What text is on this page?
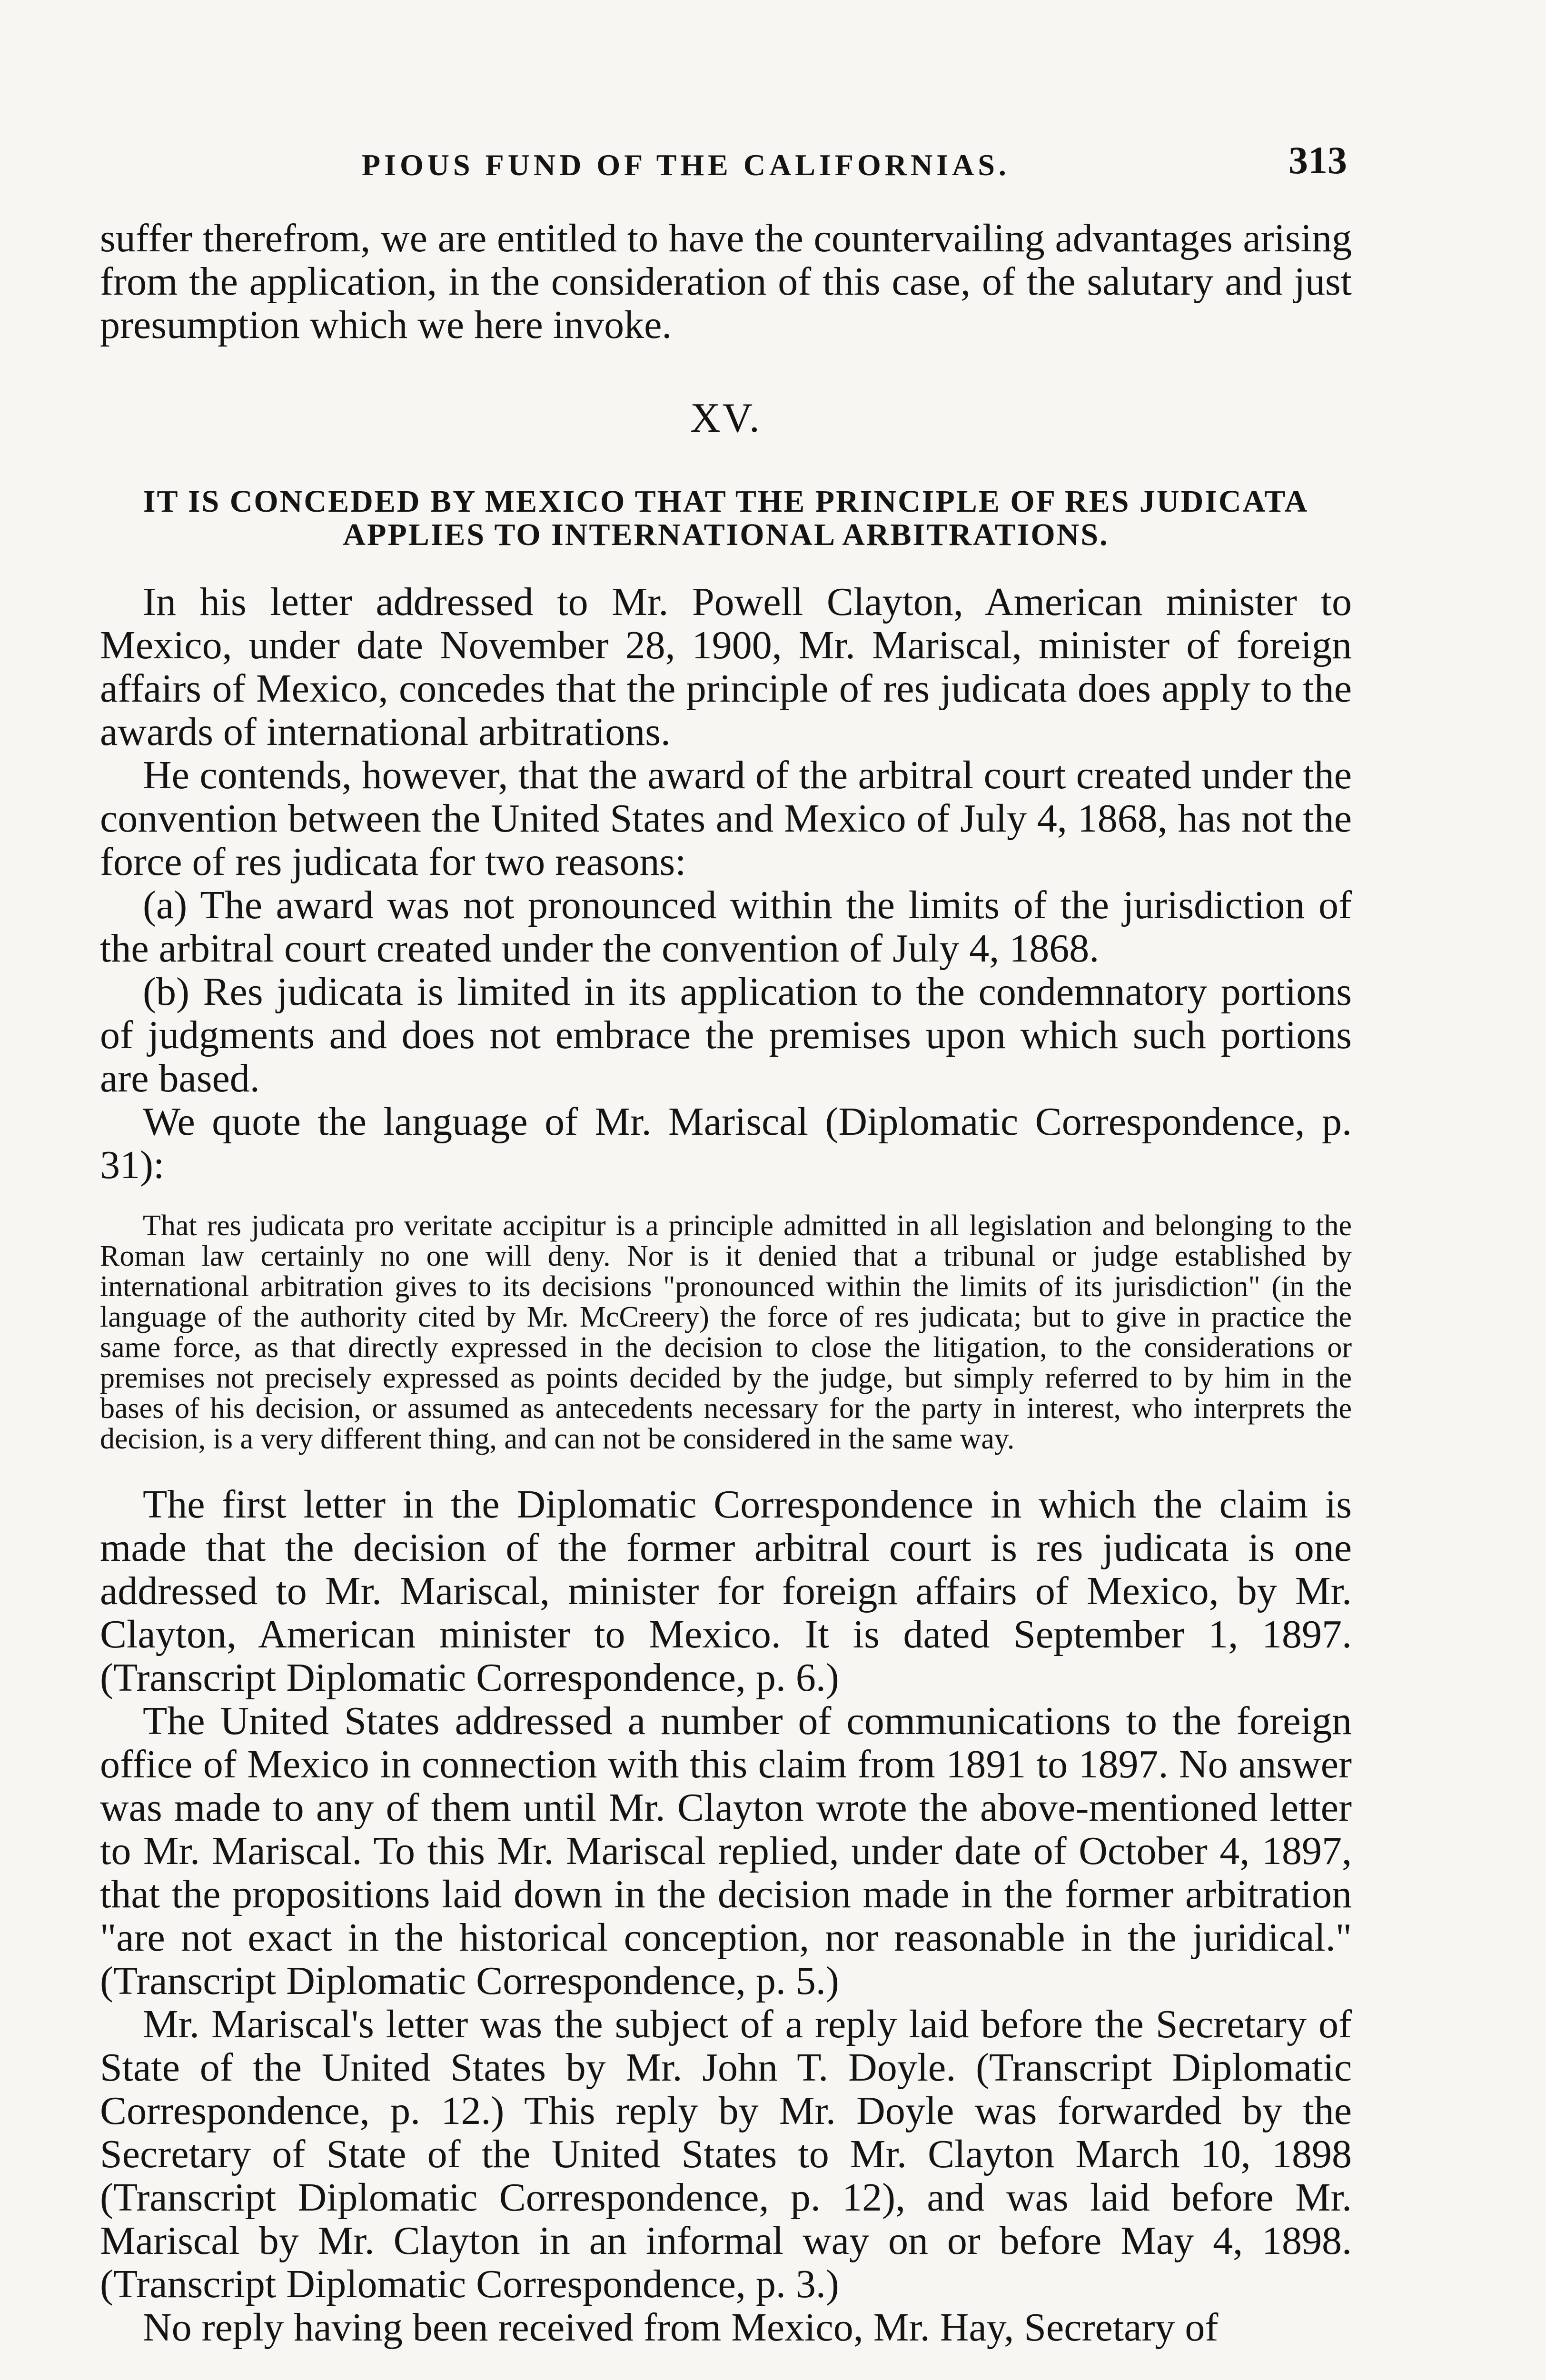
PIOUS FUND OF THE CALIFORNIAS.	313

suffer therefrom, we are entitled to have the countervailing advantages arising from the application, in the consideration of this case, of the salutary and just presumption which we here invoke.

XV.
IT IS CONCEDED BY MEXICO THAT THE PRINCIPLE OF RES JUDICATA APPLIES TO INTERNATIONAL ARBITRATIONS.

In his letter addressed to Mr. Powell Clayton, American minister to Mexico, under date November 28, 1900, Mr. Mariscal, minister of foreign affairs of Mexico, concedes that the principle of res judicata does apply to the awards of international arbitrations.

He contends, however, that the award of the arbitral court created under the convention between the United States and Mexico of July 4, 1868, has not the force of res judicata for two reasons:

(a) The award was not pronounced within the limits of the jurisdiction of the arbitral court created under the convention of July 4, 1868.

(b) Res judicata is limited in its application to the condemnatory portions of judgments and does not embrace the premises upon which such portions are based.

We quote the language of Mr. Mariscal (Diplomatic Correspondence, p. 31):

That res judicata pro veritate accipitur is a principle admitted in all legislation and belonging to the Roman law certainly no one will deny. Nor is it denied that a tribunal or judge established by international arbitration gives to its decisions "pronounced within the limits of its jurisdiction" (in the language of the authority cited by Mr. McCreery) the force of res judicata; but to give in practice the same force, as that directly expressed in the decision to close the litigation, to the considerations or premises not precisely expressed as points decided by the judge, but simply referred to by him in the bases of his decision, or assumed as antecedents necessary for the party in interest, who interprets the decision, is a very different thing, and can not be considered in the same way.

The first letter in the Diplomatic Correspondence in which the claim is made that the decision of the former arbitral court is res judicata is one addressed to Mr. Mariscal, minister for foreign affairs of Mexico, by Mr. Clayton, American minister to Mexico. It is dated September 1, 1897. (Transcript Diplomatic Correspondence, p. 6.)

The United States addressed a number of communications to the foreign office of Mexico in connection with this claim from 1891 to 1897. No answer was made to any of them until Mr. Clayton wrote the above-mentioned letter to Mr. Mariscal. To this Mr. Mariscal replied, under date of October 4, 1897, that the propositions laid down in the decision made in the former arbitration "are not exact in the historical conception, nor reasonable in the juridical." (Transcript Diplomatic Correspondence, p. 5.)

Mr. Mariscal's letter was the subject of a reply laid before the Secretary of State of the United States by Mr. John T. Doyle. (Transcript Diplomatic Correspondence, p. 12.) This reply by Mr. Doyle was forwarded by the Secretary of State of the United States to Mr. Clayton March 10, 1898 (Transcript Diplomatic Correspondence, p. 12), and was laid before Mr. Mariscal by Mr. Clayton in an informal way on or before May 4, 1898. (Transcript Diplomatic Correspondence, p. 3.)

No reply having been received from Mexico, Mr. Hay, Secretary of
